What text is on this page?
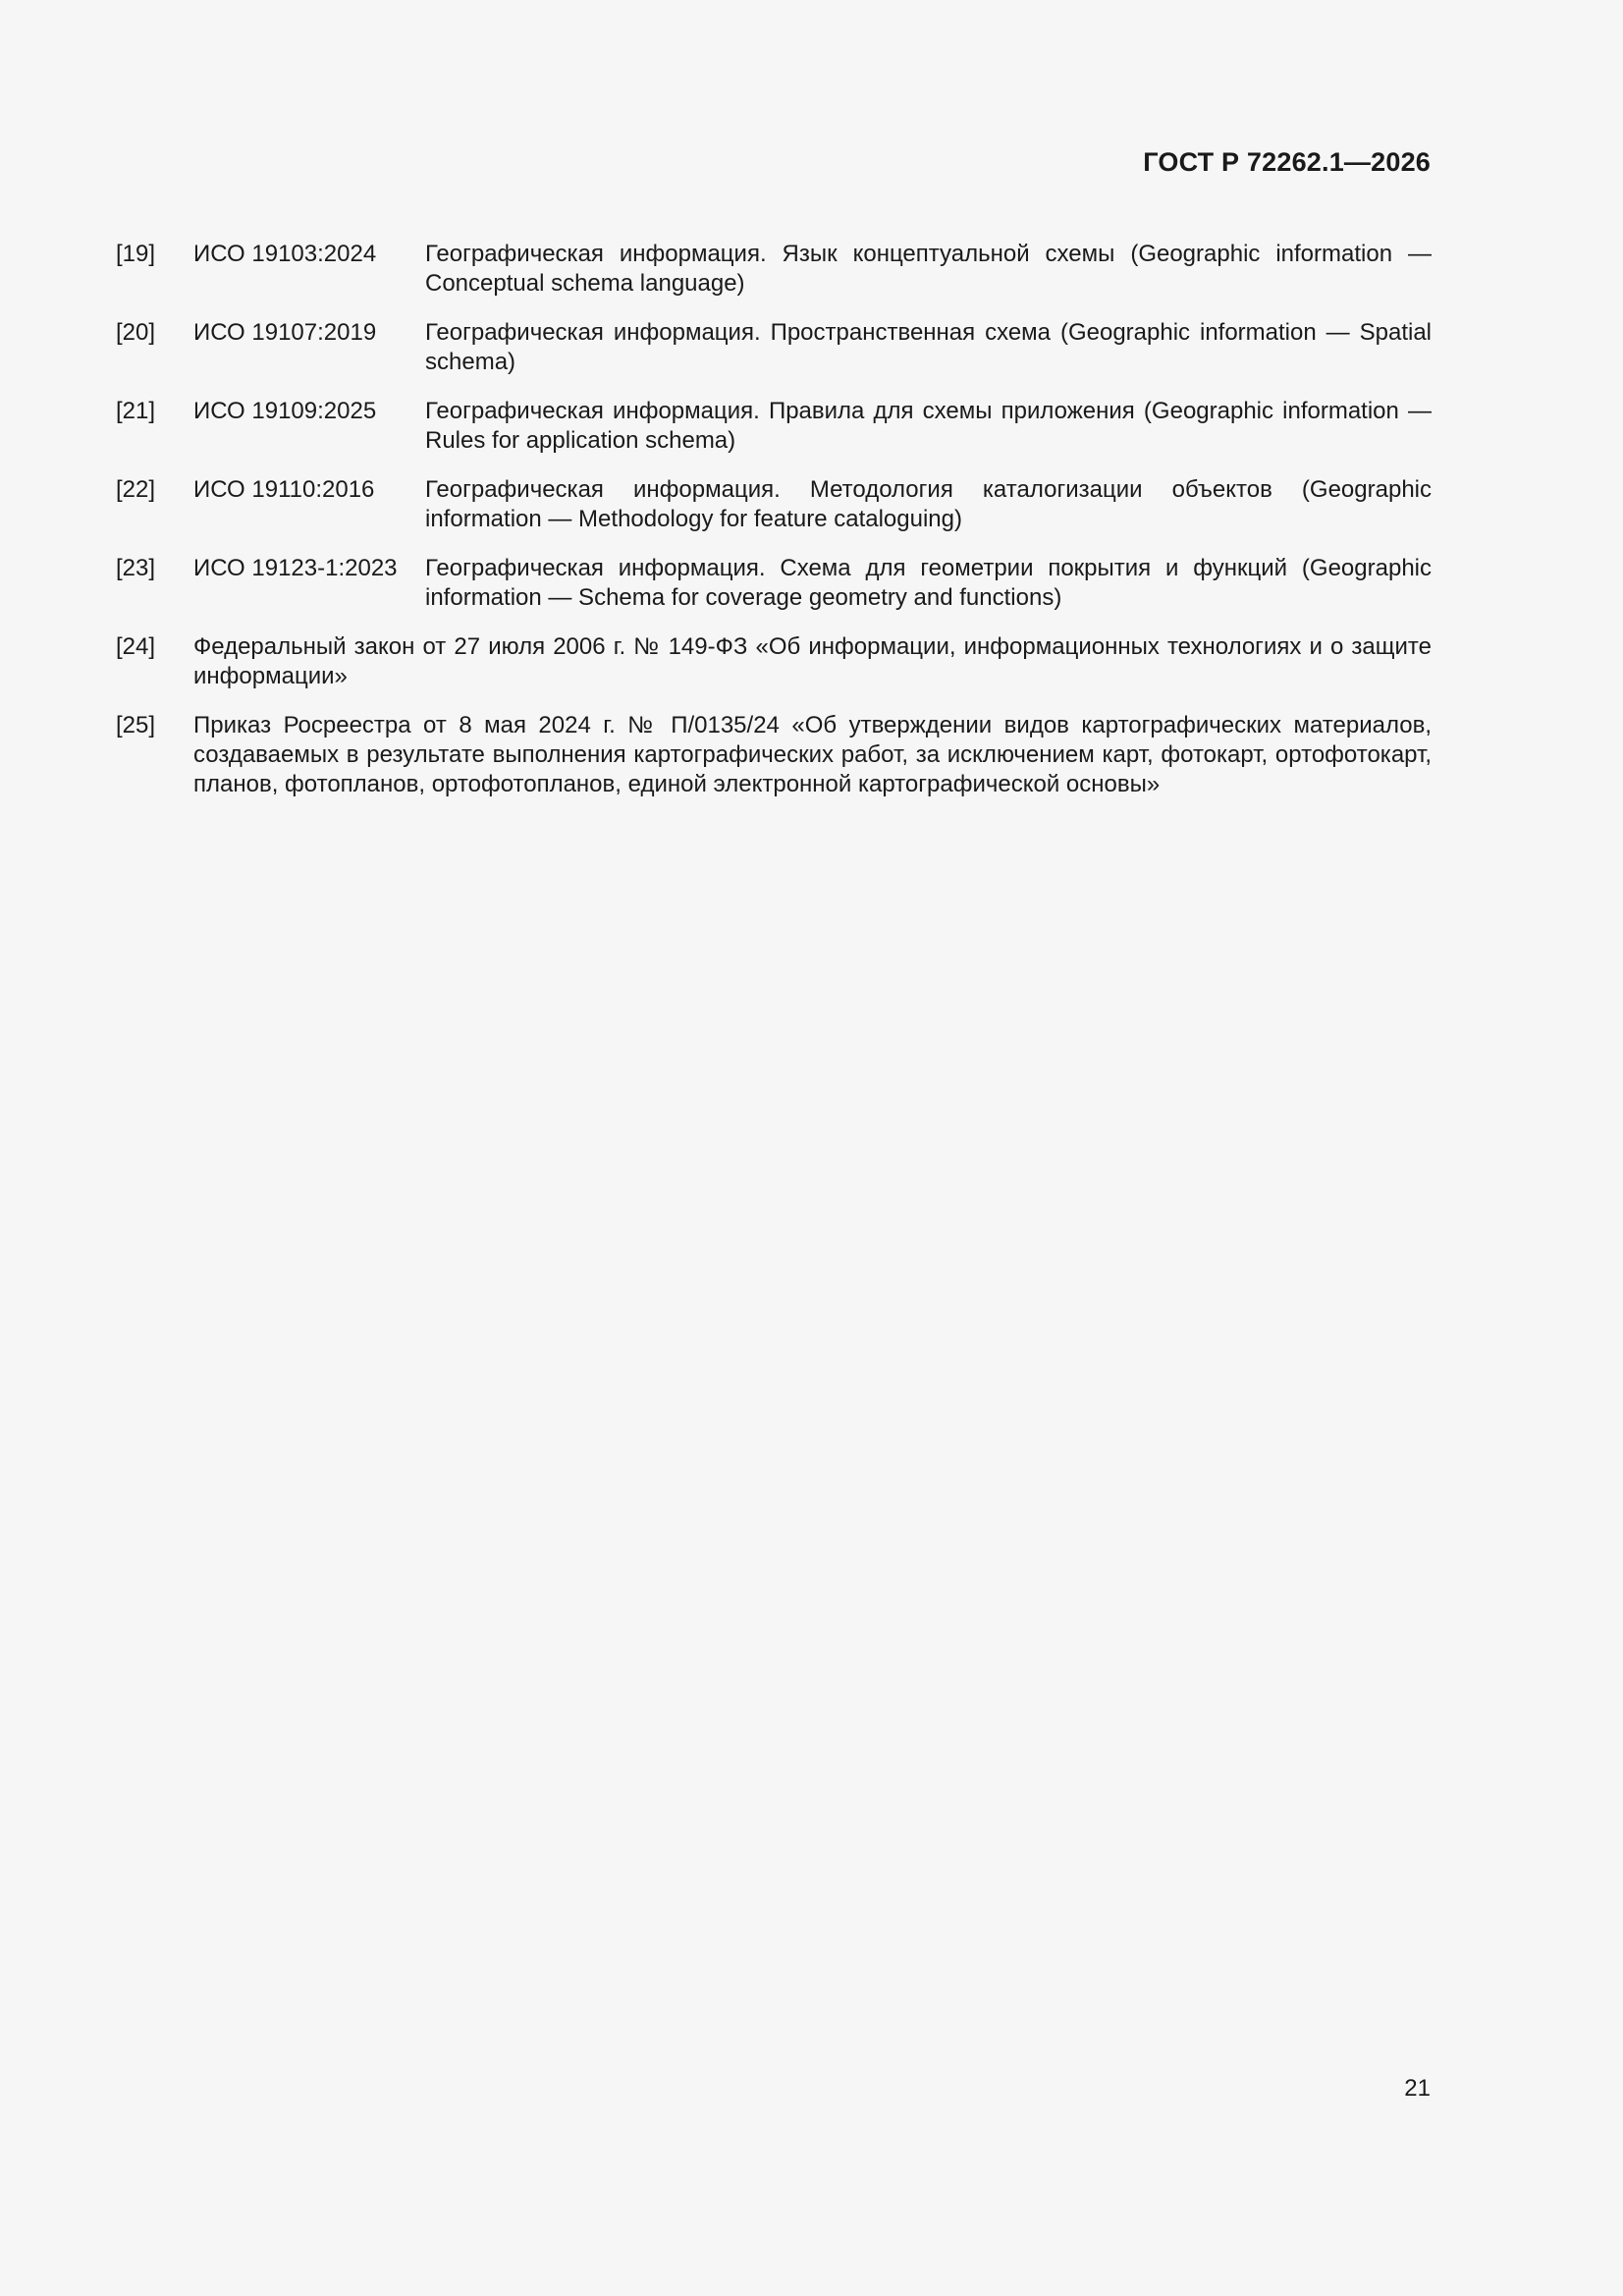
ГОСТ Р 72262.1—2026
[19]	ИСО 19103:2024	Географическая информация. Язык концептуальной схемы (Geographic information — Conceptual schema language)
[20]	ИСО 19107:2019	Географическая информация. Пространственная схема (Geographic information — Spatial schema)
[21]	ИСО 19109:2025	Географическая информация. Правила для схемы приложения (Geographic information — Rules for application schema)
[22]	ИСО 19110:2016	Географическая информация. Методология каталогизации объектов (Geographic information — Methodology for feature cataloguing)
[23]	ИСО 19123-1:2023	Географическая информация. Схема для геометрии покрытия и функций (Geographic information — Schema for coverage geometry and functions)
[24]	Федеральный закон от 27 июля 2006 г. № 149-ФЗ «Об информации, информационных технологиях и о защите информации»
[25]	Приказ Росреестра от 8 мая 2024 г. № П/0135/24 «Об утверждении видов картографических материалов, создаваемых в результате выполнения картографических работ, за исключением карт, фотокарт, ортофотокарт, планов, фотопланов, ортофотопланов, единой электронной картографической основы»
21
